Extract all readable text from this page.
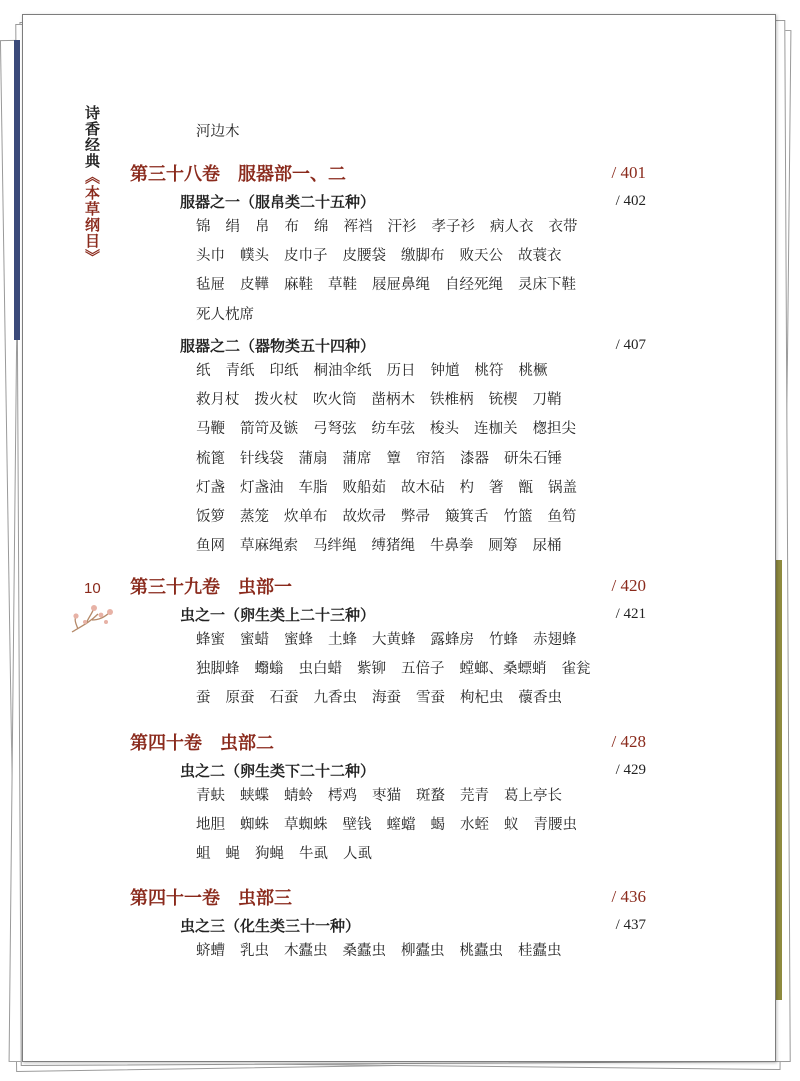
诗香经典《本草纲目》
10
河边木
第三十八卷　服器部一、二	/ 401
服器之一（服帛类二十五种）	/ 402
锦 绢 帛 布 绵 裈裆 汗衫 孝子衫 病人衣 衣带
头巾 幞头 皮巾子 皮腰袋 缴脚布 败天公 故蓑衣
毡屉 皮鞾 麻鞋 草鞋 屐屉鼻绳 自经死绳 灵床下鞋
死人枕席
服器之二（器物类五十四种）	/ 407
纸 青纸 印纸 桐油伞纸 历日 钟馗 桃符 桃橛
救月杖 拨火杖 吹火筒 凿柄木 铁椎柄 铳楔 刀鞘
马鞭 箭笴及镞 弓弩弦 纺车弦 梭头 连枷关 楤担尖
梳篦 针线袋 蒲扇 蒲席 簟 帘箔 漆器 研朱石锤
灯盏 灯盏油 车脂 败船茹 故木砧 杓 箸 甑 锅盖
饭箩 蒸笼 炊单布 故炊帚 弊帚 簸箕舌 竹篮 鱼笱
鱼网 草麻绳索 马绊绳 缚猪绳 牛鼻拳 厕筹 尿桶
第三十九卷　虫部一	/ 420
虫之一（卵生类上二十三种）	/ 421
蜂蜜 蜜蜡 蜜蜂 土蜂 大黄蜂 露蜂房 竹蜂 赤翅蜂
独脚蜂 蠮螉 虫白蜡 紫铆 五倍子 螳螂、桑螵蛸 雀瓮
蚕 原蚕 石蚕 九香虫 海蚕 雪蚕 枸杞虫 蘹香虫
第四十卷　虫部二	/ 428
虫之二（卵生类下二十二种）	/ 429
青蚨 蛱蝶 蜻蛉 樗鸡 枣猫 斑蝥 芫青 葛上亭长
地胆 蜘蛛 草蜘蛛 壁钱 螲蟷 蝎 水蛭 蚁 青腰虫
蛆 蝇 狗蝇 牛虱 人虱
第四十一卷　虫部三	/ 436
虫之三（化生类三十一种）	/ 437
蛴螬 乳虫 木蠹虫 桑蠹虫 柳蠹虫 桃蠹虫 桂蠹虫
